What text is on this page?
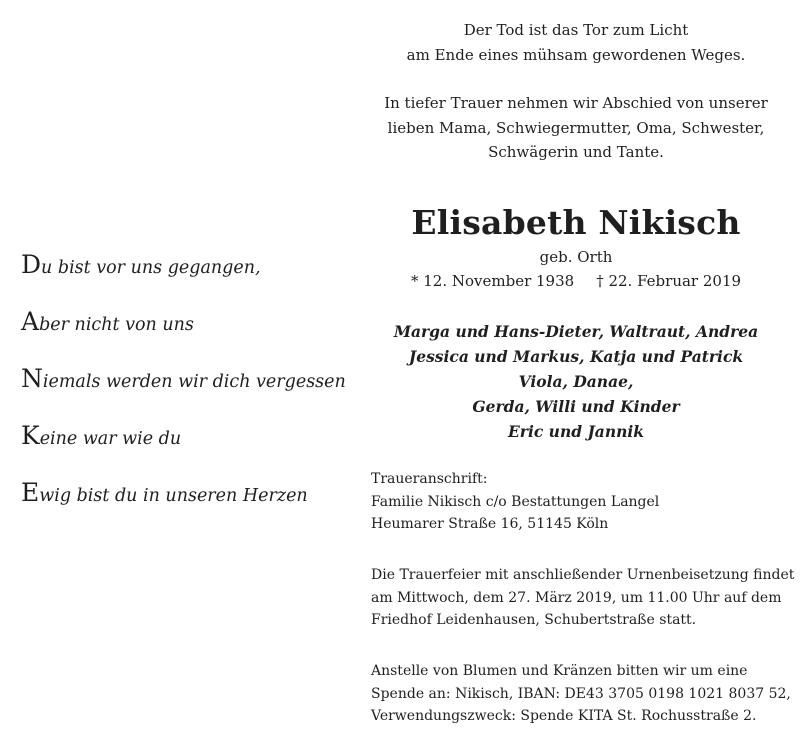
Der Tod ist das Tor zum Licht

am Ende eines mühsam gewordenen Weges.

In tiefer Trauer nehmen wir Abschied von unserer

lieben Mama, Schwiegermutter, Oma, Schwester,

Schwägerin und Tante.

Elisabeth Nikisch
geb. Orth
* 12. November 1938 † 22. Februar 2019

Marga und Hans-Dieter, Waltraut, Andrea

Jessica und Markus, Katja und Patrick

Viola, Danae,

Gerda, Willi und Kinder

Eric und Jannik

Du bist vor uns gegangen,
Aber nicht von uns
Niemals werden wir dich vergessen
Keine war wie du
Ewig bist du in unseren Herzen

Traueranschrift:

Familie Nikisch c/o Bestattungen Langel

Heumarer Straße 16, 51145 Köln

Die Trauerfeier mit anschließender Urnenbeisetzung findet

am Mittwoch, dem 27. März 2019, um 11.00 Uhr auf dem

Friedhof Leidenhausen, Schubertstraße statt.

Anstelle von Blumen und Kränzen bitten wir um eine

Spende an: Nikisch, IBAN: DE43 3705 0198 1021 8037 52,

Verwendungszweck: Spende KITA St. Rochusstraße 2.
